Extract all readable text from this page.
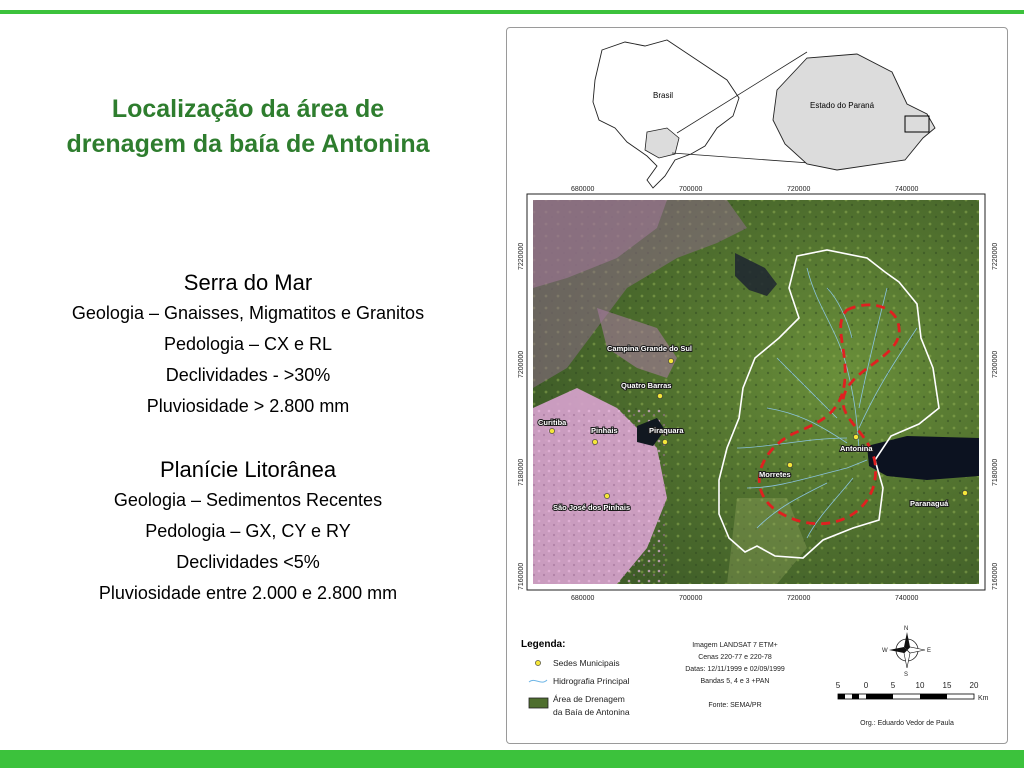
Localização da área de
drenagem da baía de Antonina
Serra do Mar
Geologia – Gnaisses, Migmatitos e Granitos
Pedologia – CX e RL
Declividades - >30%
Pluviosidade > 2.800 mm
Planície Litorânea
Geologia – Sedimentos Recentes
Pedologia – GX, CY e RY
Declividades <5%
Pluviosidade entre 2.000 e 2.800 mm
Brasil
Estado do Paraná
Campina Grande do Sul
Quatro Barras
Curitiba
Pinhais	Piraquara
Antonina
Morretes
Paranaguá
São José dos Pinhais
680000	700000	720000	740000
680000	700000	720000	740000
7220000
7200000
7180000
7160000
7220000
7200000
7180000
7160000
Legenda:
Sedes Municipais
Hidrografia Principal
Área de Drenagem
da Baía de Antonina
Imagem LANDSAT 7 ETM+
Cenas 220-77 e 220-78
Datas: 12/11/1999 e 02/09/1999
Bandas 5, 4 e 3 +PAN
Fonte: SEMA/PR
N
S
E
W
5	0	5	10 15 20
Km
Org.: Eduardo Vedor de Paula
